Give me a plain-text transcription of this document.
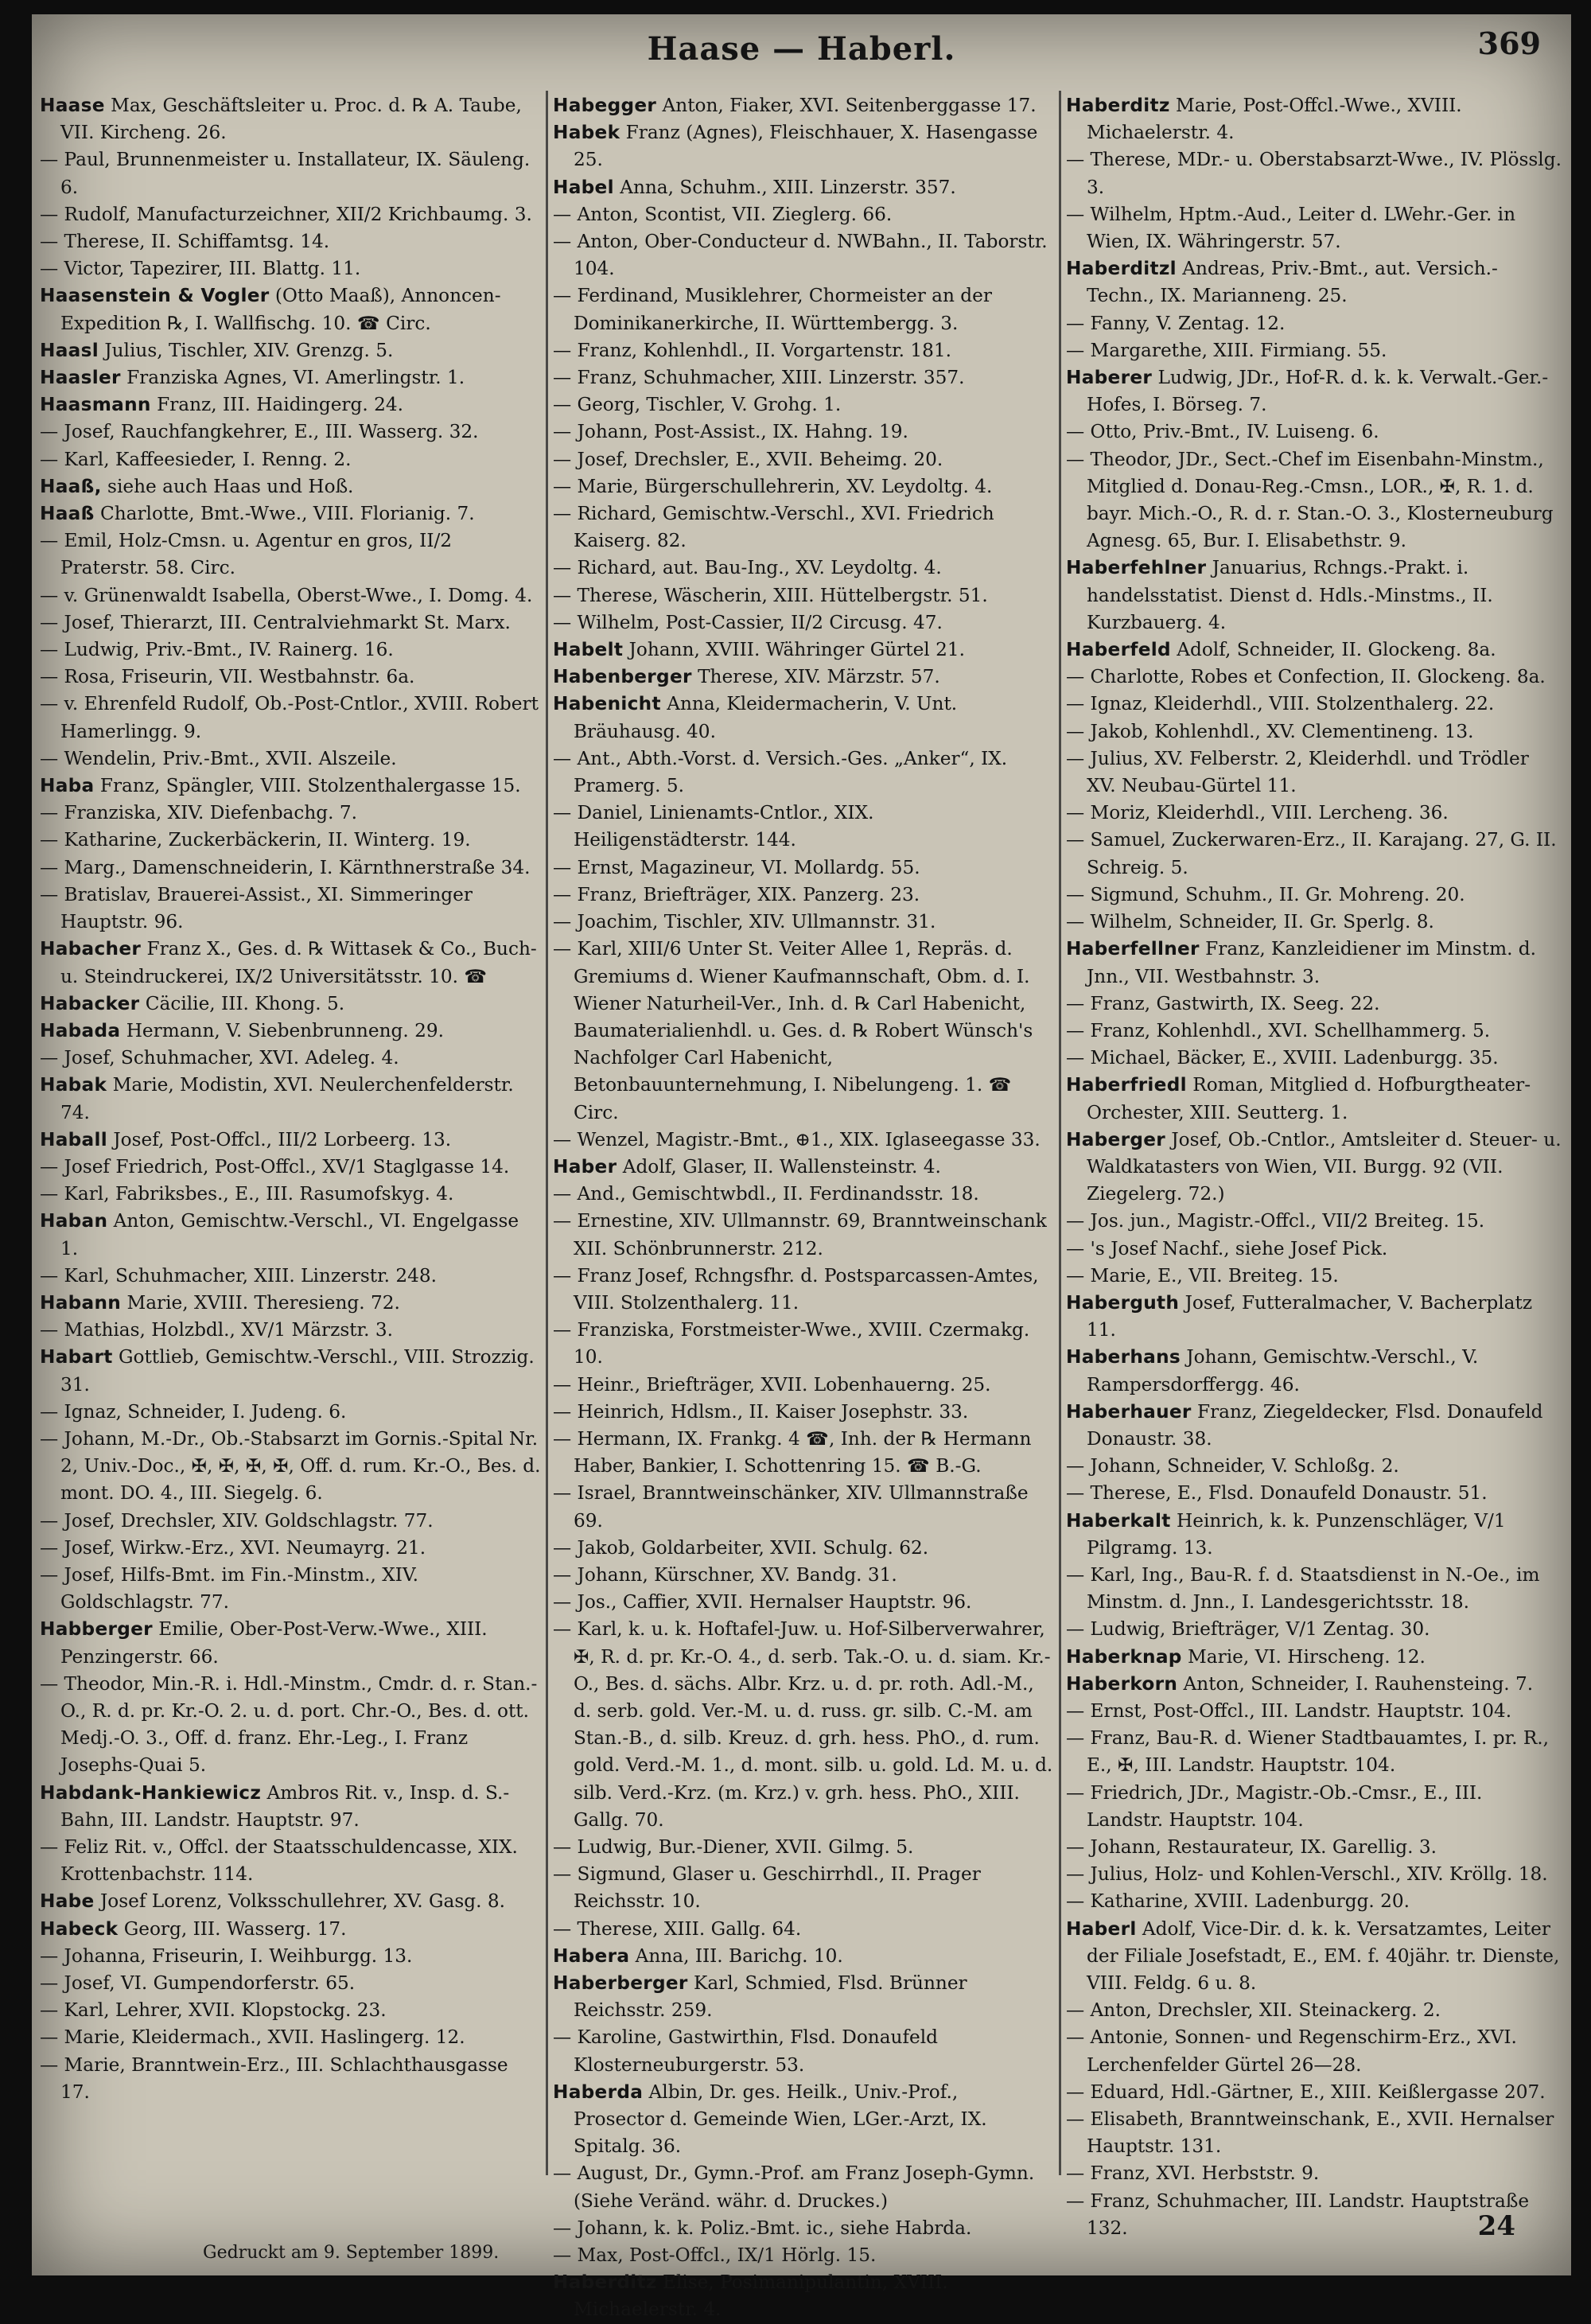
Haase — Haberl.	369

Haase Max, Geschäftsleiter u. Proc. d. ℞ A. Taube, VII. Kircheng. 26.

— Paul, Brunnenmeister u. Installateur, IX. Säuleng. 6.

— Rudolf, Manufacturzeichner, XII/2 Krichbaumg. 3.

— Therese, II. Schiffamtsg. 14.

— Victor, Tapezirer, III. Blattg. 11.

Haasenstein & Vogler (Otto Maaß), Annoncen-Expedition ℞, I. Wallfischg. 10. ☎ Circ.

Haasl Julius, Tischler, XIV. Grenzg. 5.

Haasler Franziska Agnes, VI. Amerlingstr. 1.

Haasmann Franz, III. Haidingerg. 24.

— Josef, Rauchfangkehrer, E., III. Wasserg. 32.

— Karl, Kaffeesieder, I. Renng. 2.

Haaß, siehe auch Haas und Hoß.

Haaß Charlotte, Bmt.-Wwe., VIII. Florianig. 7.

— Emil, Holz-Cmsn. u. Agentur en gros, II/2 Praterstr. 58. Circ.

— v. Grünenwaldt Isabella, Oberst-Wwe., I. Domg. 4.

— Josef, Thierarzt, III. Centralviehmarkt St. Marx.

— Ludwig, Priv.-Bmt., IV. Rainerg. 16.

— Rosa, Friseurin, VII. Westbahnstr. 6a.

— v. Ehrenfeld Rudolf, Ob.-Post-Cntlor., XVIII. Robert Hamerlingg. 9.

— Wendelin, Priv.-Bmt., XVII. Alszeile.

Haba Franz, Spängler, VIII. Stolzenthalergasse 15.

— Franziska, XIV. Diefenbachg. 7.

— Katharine, Zuckerbäckerin, II. Winterg. 19.

— Marg., Damenschneiderin, I. Kärnthnerstraße 34.

— Bratislav, Brauerei-Assist., XI. Simmeringer Hauptstr. 96.

Habacher Franz X., Ges. d. ℞ Wittasek & Co., Buch- u. Steindruckerei, IX/2 Universitätsstr. 10. ☎

Habacker Cäcilie, III. Khong. 5.

Habada Hermann, V. Siebenbrunneng. 29.

— Josef, Schuhmacher, XVI. Adeleg. 4.

Habak Marie, Modistin, XVI. Neulerchenfelderstr. 74.

Haball Josef, Post-Offcl., III/2 Lorbeerg. 13.

— Josef Friedrich, Post-Offcl., XV/1 Staglgasse 14.

— Karl, Fabriksbes., E., III. Rasumofskyg. 4.

Haban Anton, Gemischtw.-Verschl., VI. Engelgasse 1.

— Karl, Schuhmacher, XIII. Linzerstr. 248.

Habann Marie, XVIII. Theresieng. 72.

— Mathias, Holzbdl., XV/1 Märzstr. 3.

Habart Gottlieb, Gemischtw.-Verschl., VIII. Strozzig. 31.

— Ignaz, Schneider, I. Judeng. 6.

— Johann, M.-Dr., Ob.-Stabsarzt im Gornis.-Spital Nr. 2, Univ.-Doc., ✠, ✠, ✠, ✠, Off. d. rum. Kr.-O., Bes. d. mont. DO. 4., III. Siegelg. 6.

— Josef, Drechsler, XIV. Goldschlagstr. 77.

— Josef, Wirkw.-Erz., XVI. Neumayrg. 21.

— Josef, Hilfs-Bmt. im Fin.-Minstm., XIV. Goldschlagstr. 77.

Habberger Emilie, Ober-Post-Verw.-Wwe., XIII. Penzingerstr. 66.

— Theodor, Min.-R. i. Hdl.-Minstm., Cmdr. d. r. Stan.-O., R. d. pr. Kr.-O. 2. u. d. port. Chr.-O., Bes. d. ott. Medj.-O. 3., Off. d. franz. Ehr.-Leg., I. Franz Josephs-Quai 5.

Habdank-Hankiewicz Ambros Rit. v., Insp. d. S.-Bahn, III. Landstr. Hauptstr. 97.

— Feliz Rit. v., Offcl. der Staatsschuldencasse, XIX. Krottenbachstr. 114.

Habe Josef Lorenz, Volksschullehrer, XV. Gasg. 8.

Habeck Georg, III. Wasserg. 17.

— Johanna, Friseurin, I. Weihburgg. 13.

— Josef, VI. Gumpendorferstr. 65.

— Karl, Lehrer, XVII. Klopstockg. 23.

— Marie, Kleidermach., XVII. Haslingerg. 12.

— Marie, Branntwein-Erz., III. Schlachthausgasse 17.

Habegger Anton, Fiaker, XVI. Seitenberggasse 17.

Habek Franz (Agnes), Fleischhauer, X. Hasengasse 25.

Habel Anna, Schuhm., XIII. Linzerstr. 357.

— Anton, Scontist, VII. Zieglerg. 66.

— Anton, Ober-Conducteur d. NWBahn., II. Taborstr. 104.

— Ferdinand, Musiklehrer, Chormeister an der Dominikanerkirche, II. Württembergg. 3.

— Franz, Kohlenhdl., II. Vorgartenstr. 181.

— Franz, Schuhmacher, XIII. Linzerstr. 357.

— Georg, Tischler, V. Grohg. 1.

— Johann, Post-Assist., IX. Hahng. 19.

— Josef, Drechsler, E., XVII. Beheimg. 20.

— Marie, Bürgerschullehrerin, XV. Leydoltg. 4.

— Richard, Gemischtw.-Verschl., XVI. Friedrich Kaiserg. 82.

— Richard, aut. Bau-Ing., XV. Leydoltg. 4.

— Therese, Wäscherin, XIII. Hüttelbergstr. 51.

— Wilhelm, Post-Cassier, II/2 Circusg. 47.

Habelt Johann, XVIII. Währinger Gürtel 21.

Habenberger Therese, XIV. Märzstr. 57.

Habenicht Anna, Kleidermacherin, V. Unt. Bräuhausg. 40.

— Ant., Abth.-Vorst. d. Versich.-Ges. „Anker“, IX. Pramerg. 5.

— Daniel, Linienamts-Cntlor., XIX. Heiligenstädterstr. 144.

— Ernst, Magazineur, VI. Mollardg. 55.

— Franz, Briefträger, XIX. Panzerg. 23.

— Joachim, Tischler, XIV. Ullmannstr. 31.

— Karl, XIII/6 Unter St. Veiter Allee 1, Repräs. d. Gremiums d. Wiener Kaufmannschaft, Obm. d. I. Wiener Naturheil-Ver., Inh. d. ℞ Carl Habenicht, Baumaterialienhdl. u. Ges. d. ℞ Robert Wünsch's Nachfolger Carl Habenicht, Betonbauunternehmung, I. Nibelungeng. 1. ☎ Circ.

— Wenzel, Magistr.-Bmt., ⊕1., XIX. Iglaseegasse 33.

Haber Adolf, Glaser, II. Wallensteinstr. 4.

— And., Gemischtwbdl., II. Ferdinandsstr. 18.

— Ernestine, XIV. Ullmannstr. 69, Branntweinschank XII. Schönbrunnerstr. 212.

— Franz Josef, Rchngsfhr. d. Postsparcassen-Amtes, VIII. Stolzenthalerg. 11.

— Franziska, Forstmeister-Wwe., XVIII. Czermakg. 10.

— Heinr., Briefträger, XVII. Lobenhauerng. 25.

— Heinrich, Hdlsm., II. Kaiser Josephstr. 33.

— Hermann, IX. Frankg. 4 ☎, Inh. der ℞ Hermann Haber, Bankier, I. Schottenring 15. ☎ B.-G.

— Israel, Branntweinschänker, XIV. Ullmannstraße 69.

— Jakob, Goldarbeiter, XVII. Schulg. 62.

— Johann, Kürschner, XV. Bandg. 31.

— Jos., Caffier, XVII. Hernalser Hauptstr. 96.

— Karl, k. u. k. Hoftafel-Juw. u. Hof-Silberverwahrer, ✠, R. d. pr. Kr.-O. 4., d. serb. Tak.-O. u. d. siam. Kr.-O., Bes. d. sächs. Albr. Krz. u. d. pr. roth. Adl.-M., d. serb. gold. Ver.-M. u. d. russ. gr. silb. C.-M. am Stan.-B., d. silb. Kreuz. d. grh. hess. PhO., d. rum. gold. Verd.-M. 1., d. mont. silb. u. gold. Ld. M. u. d. silb. Verd.-Krz. (m. Krz.) v. grh. hess. PhO., XIII. Gallg. 70.

— Ludwig, Bur.-Diener, XVII. Gilmg. 5.

— Sigmund, Glaser u. Geschirrhdl., II. Prager Reichsstr. 10.

— Therese, XIII. Gallg. 64.

Habera Anna, III. Barichg. 10.

Haberberger Karl, Schmied, Flsd. Brünner Reichsstr. 259.

— Karoline, Gastwirthin, Flsd. Donaufeld Klosterneuburgerstr. 53.

Haberda Albin, Dr. ges. Heilk., Univ.-Prof., Prosector d. Gemeinde Wien, LGer.-Arzt, IX. Spitalg. 36.

— August, Dr., Gymn.-Prof. am Franz Joseph-Gymn. (Siehe Veränd. währ. d. Druckes.)

— Johann, k. k. Poliz.-Bmt. ic., siehe Habrda.

— Max, Post-Offcl., IX/1 Hörlg. 15.

Haberditz Elise, Posimanipulantin, XVIII. Michaelerstr. 4.

Haberditz Marie, Post-Offcl.-Wwe., XVIII. Michaelerstr. 4.

— Therese, MDr.- u. Oberstabsarzt-Wwe., IV. Plösslg. 3.

— Wilhelm, Hptm.-Aud., Leiter d. LWehr.-Ger. in Wien, IX. Währingerstr. 57.

Haberditzl Andreas, Priv.-Bmt., aut. Versich.-Techn., IX. Marianneng. 25.

— Fanny, V. Zentag. 12.

— Margarethe, XIII. Firmiang. 55.

Haberer Ludwig, JDr., Hof-R. d. k. k. Verwalt.-Ger.-Hofes, I. Börseg. 7.

— Otto, Priv.-Bmt., IV. Luiseng. 6.

— Theodor, JDr., Sect.-Chef im Eisenbahn-Minstm., Mitglied d. Donau-Reg.-Cmsn., LOR., ✠, R. 1. d. bayr. Mich.-O., R. d. r. Stan.-O. 3., Klosterneuburg Agnesg. 65, Bur. I. Elisabethstr. 9.

Haberfehlner Januarius, Rchngs.-Prakt. i. handelsstatist. Dienst d. Hdls.-Minstms., II. Kurzbauerg. 4.

Haberfeld Adolf, Schneider, II. Glockeng. 8a.

— Charlotte, Robes et Confection, II. Glockeng. 8a.

— Ignaz, Kleiderhdl., VIII. Stolzenthalerg. 22.

— Jakob, Kohlenhdl., XV. Clementineng. 13.

— Julius, XV. Felberstr. 2, Kleiderhdl. und Trödler XV. Neubau-Gürtel 11.

— Moriz, Kleiderhdl., VIII. Lercheng. 36.

— Samuel, Zuckerwaren-Erz., II. Karajang. 27, G. II. Schreig. 5.

— Sigmund, Schuhm., II. Gr. Mohreng. 20.

— Wilhelm, Schneider, II. Gr. Sperlg. 8.

Haberfellner Franz, Kanzleidiener im Minstm. d. Jnn., VII. Westbahnstr. 3.

— Franz, Gastwirth, IX. Seeg. 22.

— Franz, Kohlenhdl., XVI. Schellhammerg. 5.

— Michael, Bäcker, E., XVIII. Ladenburgg. 35.

Haberfriedl Roman, Mitglied d. Hofburgtheater-Orchester, XIII. Seutterg. 1.

Haberger Josef, Ob.-Cntlor., Amtsleiter d. Steuer- u. Waldkatasters von Wien, VII. Burgg. 92 (VII. Ziegelerg. 72.)

— Jos. jun., Magistr.-Offcl., VII/2 Breiteg. 15.

— 's Josef Nachf., siehe Josef Pick.

— Marie, E., VII. Breiteg. 15.

Haberguth Josef, Futteralmacher, V. Bacherplatz 11.

Haberhans Johann, Gemischtw.-Verschl., V. Rampersdorffergg. 46.

Haberhauer Franz, Ziegeldecker, Flsd. Donaufeld Donaustr. 38.

— Johann, Schneider, V. Schloßg. 2.

— Therese, E., Flsd. Donaufeld Donaustr. 51.

Haberkalt Heinrich, k. k. Punzenschläger, V/1 Pilgramg. 13.

— Karl, Ing., Bau-R. f. d. Staatsdienst in N.-Oe., im Minstm. d. Jnn., I. Landesgerichtsstr. 18.

— Ludwig, Briefträger, V/1 Zentag. 30.

Haberknap Marie, VI. Hirscheng. 12.

Haberkorn Anton, Schneider, I. Rauhensteing. 7.

— Ernst, Post-Offcl., III. Landstr. Hauptstr. 104.

— Franz, Bau-R. d. Wiener Stadtbauamtes, I. pr. R., E., ✠, III. Landstr. Hauptstr. 104.

— Friedrich, JDr., Magistr.-Ob.-Cmsr., E., III. Landstr. Hauptstr. 104.

— Johann, Restaurateur, IX. Garellig. 3.

— Julius, Holz- und Kohlen-Verschl., XIV. Kröllg. 18.

— Katharine, XVIII. Ladenburgg. 20.

Haberl Adolf, Vice-Dir. d. k. k. Versatzamtes, Leiter der Filiale Josefstadt, E., EM. f. 40jähr. tr. Dienste, VIII. Feldg. 6 u. 8.

— Anton, Drechsler, XII. Steinackerg. 2.

— Antonie, Sonnen- und Regenschirm-Erz., XVI. Lerchenfelder Gürtel 26—28.

— Eduard, Hdl.-Gärtner, E., XIII. Keißlergasse 207.

— Elisabeth, Branntweinschank, E., XVII. Hernalser Hauptstr. 131.

— Franz, XVI. Herbststr. 9.

— Franz, Schuhmacher, III. Landstr. Hauptstraße 132.

Gedruckt am 9. September 1899.
24
